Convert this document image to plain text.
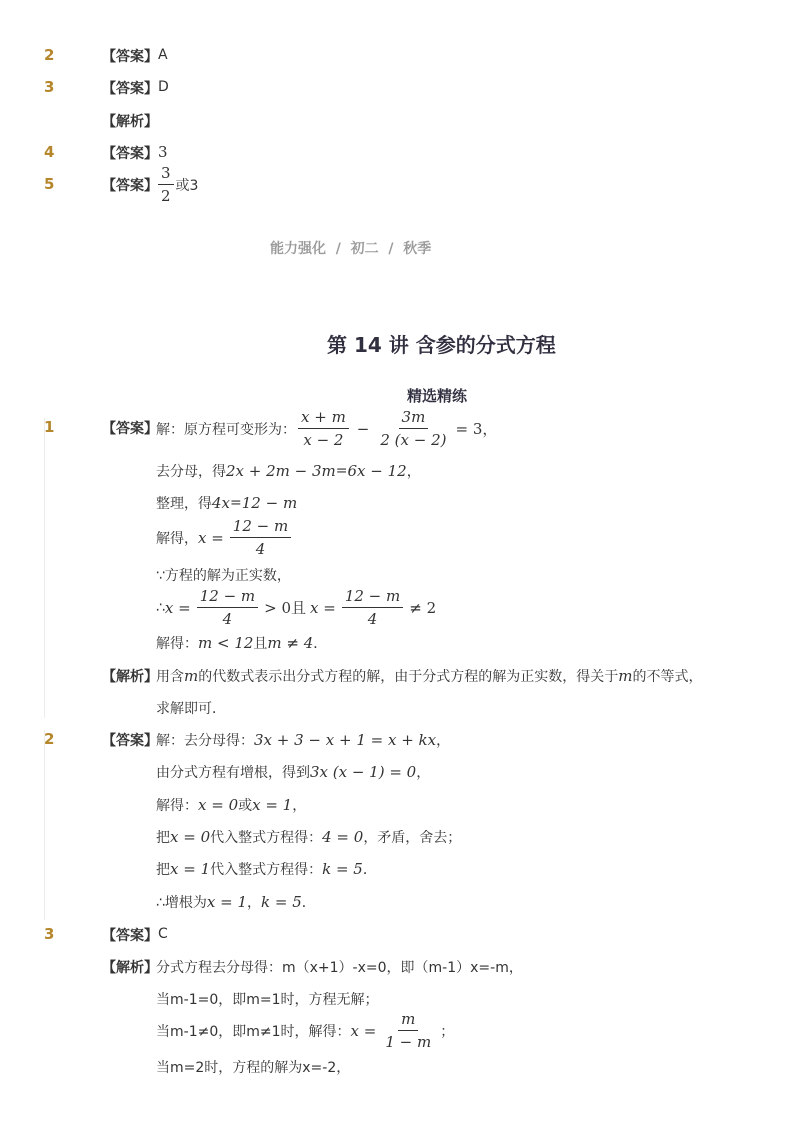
2	【答案】 A
3	【答案】 D
【解析】
4	【答案】 3
5	【答案】 $\frac{3}{2}$ 或3
能力强化 / 初二 / 秋季
第 14 讲 含参的分式方程
精选精练
1	【答案】
解：原方程可变形为： $\frac{x + m}{x - 2} - \frac{3m}{2 (x - 2)} = 3$，
去分母，得 2x + 2m − 3m = 6x − 12 ，
整理，得 4x = 12 − m
解得， $x = \frac{12 - m}{4}$
∵方程的解为正实数，
∴ $x = \frac{12 - m}{4} > 0$且 $x = \frac{12 - m}{4} \ne 2$
解得： m < 12 且 m ≠ 4 ．
【解析】
用含 m 的代数式表示出分式方程的解，由于分式方程的解为正实数，得关于 m 的不等式，
求解即可．
2	【答案】
解：去分母得： 3x + 3 − x + 1 = x + kx ，
由分式方程有增根，得到 3x (x − 1) = 0 ，
解得： x = 0 或 x = 1 ，
把 x = 0 代入整式方程得： 4 = 0 ，矛盾，舍去；
把 x = 1 代入整式方程得： k = 5 ．
∴增根为 x = 1 ， k = 5 ．
3	【答案】 C
【解析】
分式方程去分母得：m（x+1）-x=0，即（m-1）x=-m，
当m-1=0，即m=1时，方程无解；
当m-1≠0，即m≠1时，解得： $x = \frac{m}{1 - m}$ ；
当m=2时，方程的解为x=-2，
